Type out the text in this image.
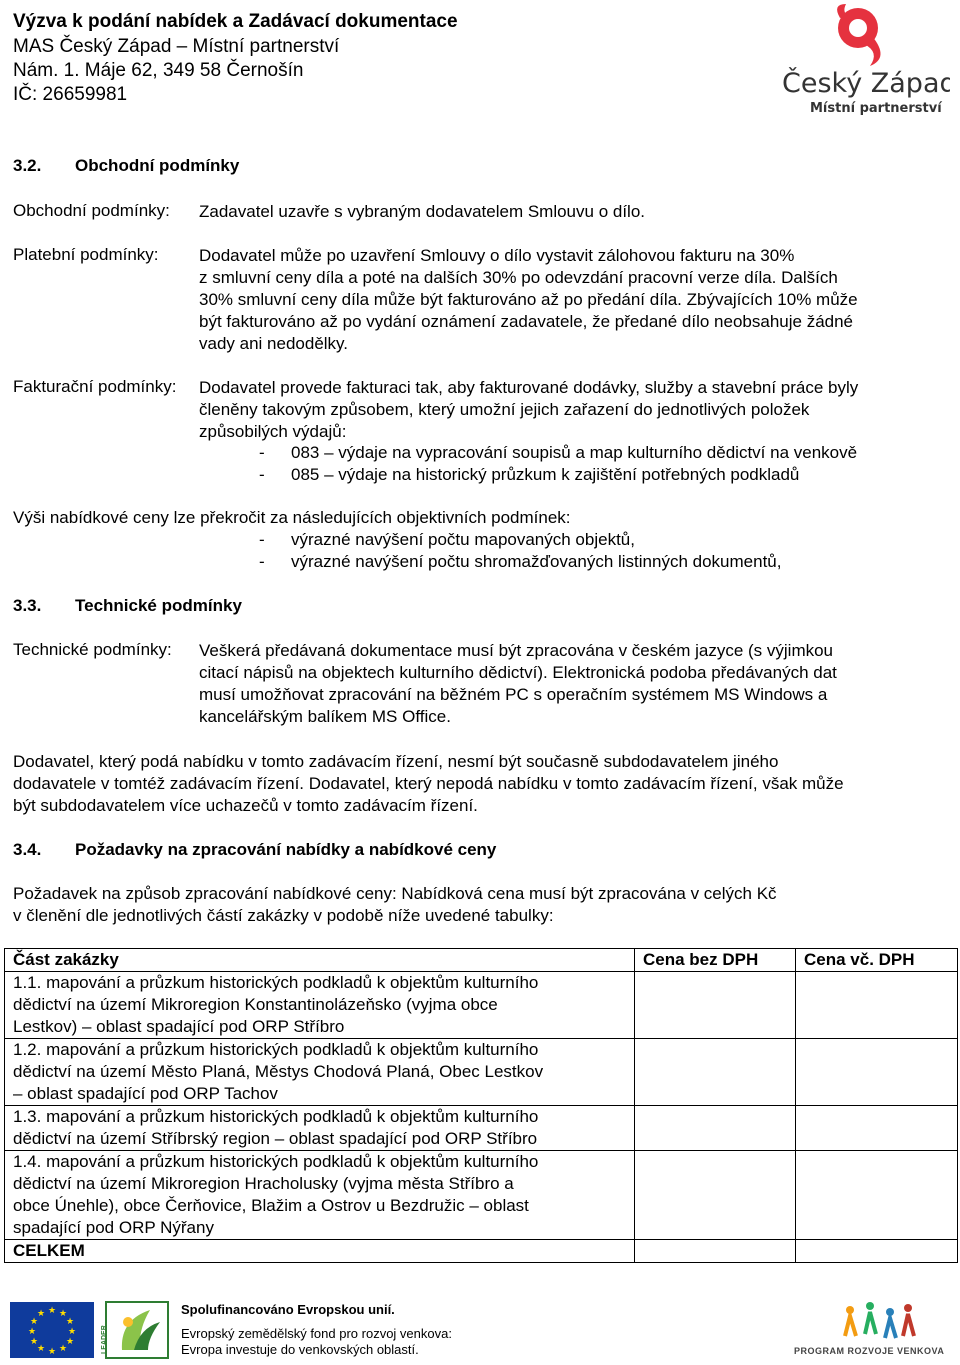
Výzva k podání nabídek a Zadávací dokumentace
MAS Český Západ – Místní partnerství
Nám. 1. Máje 62, 349 58 Černošín
IČ: 26659981	Český Západ
Místní partnerství
3.2. Obchodní podmínky
Obchodní podmínky: Zadavatel uzavře s vybraným dodavatelem Smlouvu o dílo.
Platební podmínky: Dodavatel může po uzavření Smlouvy o dílo vystavit zálohovou fakturu na 30%
z smluvní ceny díla a poté na dalších 30% po odevzdání pracovní verze díla. Dalších
30% smluvní ceny díla může být fakturováno až po předání díla. Zbývajících 10% může
být fakturováno až po vydání oznámení zadavatele, že předané dílo neobsahuje žádné
vady ani nedodělky.
Fakturační podmínky: Dodavatel provede fakturaci tak, aby fakturované dodávky, služby a stavební práce byly
členěny takovým způsobem, který umožní jejich zařazení do jednotlivých položek
způsobilých výdajů:
- 083 – výdaje na vypracování soupisů a map kulturního dědictví na venkově
- 085 – výdaje na historický průzkum k zajištění potřebných podkladů
Výši nabídkové ceny lze překročit za následujících objektivních podmínek:
- výrazné navýšení počtu mapovaných objektů,
- výrazné navýšení počtu shromažďovaných listinných dokumentů,
3.3. Technické podmínky
Technické podmínky: Veškerá předávaná dokumentace musí být zpracována v českém jazyce (s výjimkou
citací nápisů na objektech kulturního dědictví). Elektronická podoba předávaných dat
musí umožňovat zpracování na běžném PC s operačním systémem MS Windows a
kancelářským balíkem MS Office.
Dodavatel, který podá nabídku v tomto zadávacím řízení, nesmí být současně subdodavatelem jiného
dodavatele v tomtéž zadávacím řízení. Dodavatel, který nepodá nabídku v tomto zadávacím řízení, však může
být subdodavatelem více uchazečů v tomto zadávacím řízení.
3.4. Požadavky na zpracování nabídky a nabídkové ceny
Požadavek na způsob zpracování nabídkové ceny: Nabídková cena musí být zpracována v celých Kč
v členění dle jednotlivých částí zakázky v podobě níže uvedené tabulky:
Část zakázky	Cena bez DPH	Cena vč. DPH

1.1. mapování a průzkum historických podkladů k objektům kulturního
dědictví na území Mikroregion Konstantinolázeňsko (vyjma obce
Lestkov) – oblast spadající pod ORP Stříbro		

1.2. mapování a průzkum historických podkladů k objektům kulturního
dědictví na území Město Planá, Městys Chodová Planá, Obec Lestkov
– oblast spadající pod ORP Tachov		

1.3. mapování a průzkum historických podkladů k objektům kulturního
dědictví na území Stříbrský region – oblast spadající pod ORP Stříbro		

1.4. mapování a průzkum historických podkladů k objektům kulturního
dědictví na území Mikroregion Hracholusky (vyjma města Stříbro a
obce Únehle), obce Čerňovice, Blažim a Ostrov u Bezdružic – oblast
spadající pod ORP Nýřany		

CELKEM		
★ ★
★
★
★
★
★
★
★
★
★
★
LEADER
Spolufinancováno Evropskou unií.
Evropský zemědělský fond pro rozvoj venkova:
Evropa investuje do venkovských oblastí.	PROGRAM ROZVOJE VENKOVA
